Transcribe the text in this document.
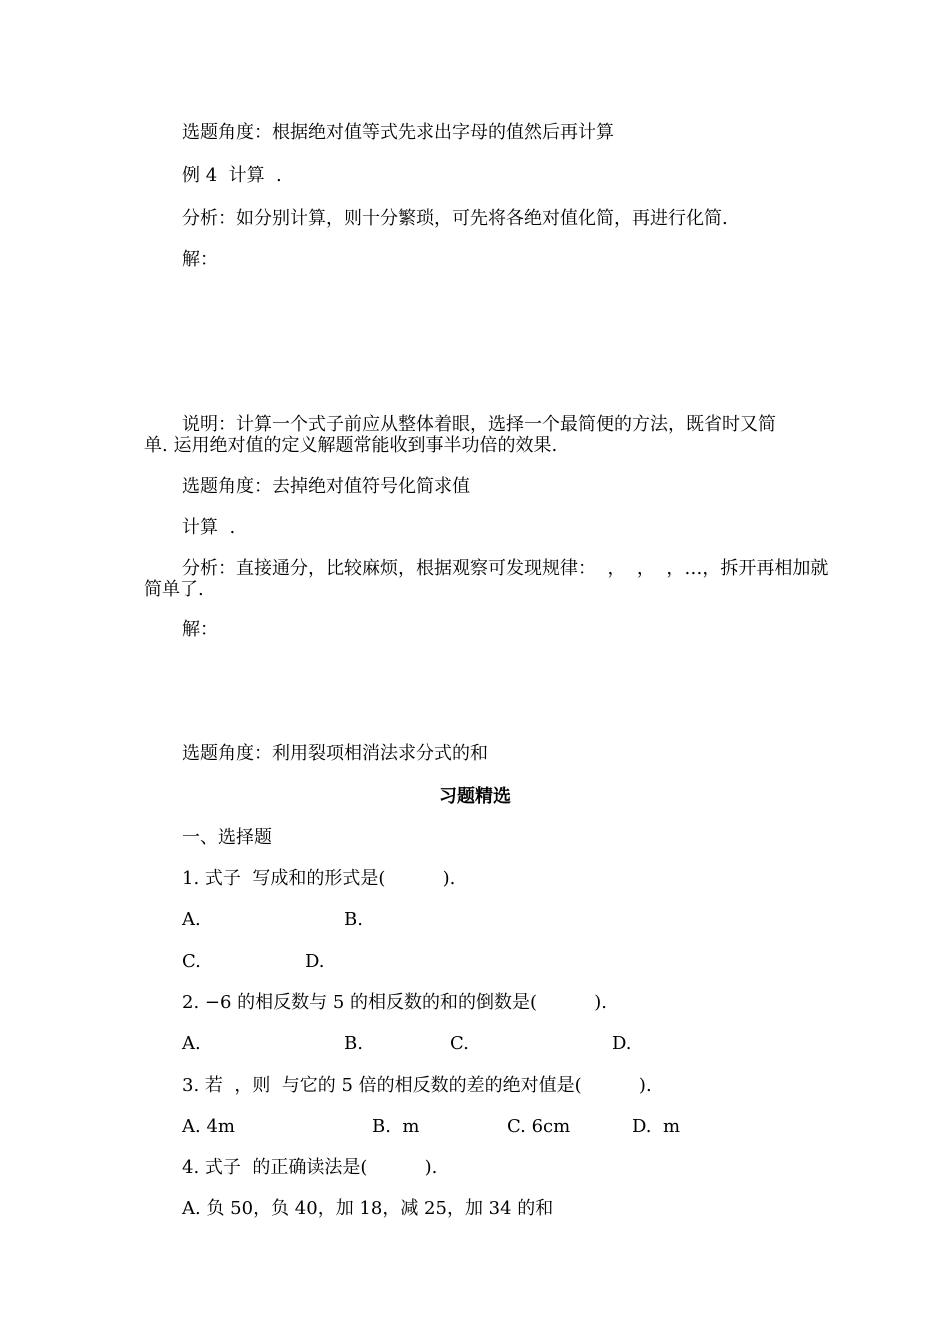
选题角度：根据绝对值等式先求出字母的值然后再计算
例 4  计算  .
分析：如分别计算，则十分繁琐，可先将各绝对值化简，再进行化简.
解：
说明：计算一个式子前应从整体着眼，选择一个最简便的方法，既省时又简
单. 运用绝对值的定义解题常能收到事半功倍的效果.
选题角度：去掉绝对值符号化简求值
计算  .
分析：直接通分，比较麻烦，根据观察可发现规律：  ，  ，  ，…，拆开再相加就
简单了.
解：
选题角度：利用裂项相消法求分式的和
习题精选
一、选择题
1. 式子  写成和的形式是(          ).
A.	B.
C.	D.
2. −6 的相反数与 5 的相反数的和的倒数是(          ).
A.	B.	C.	D.
3. 若  ，则  与它的 5 倍的相反数的差的绝对值是(          ).
A. 4m	B.  m	C. 6cm	D.  m
4. 式子  的正确读法是(          ).
A. 负 50，负 40，加 18，减 25，加 34 的和
